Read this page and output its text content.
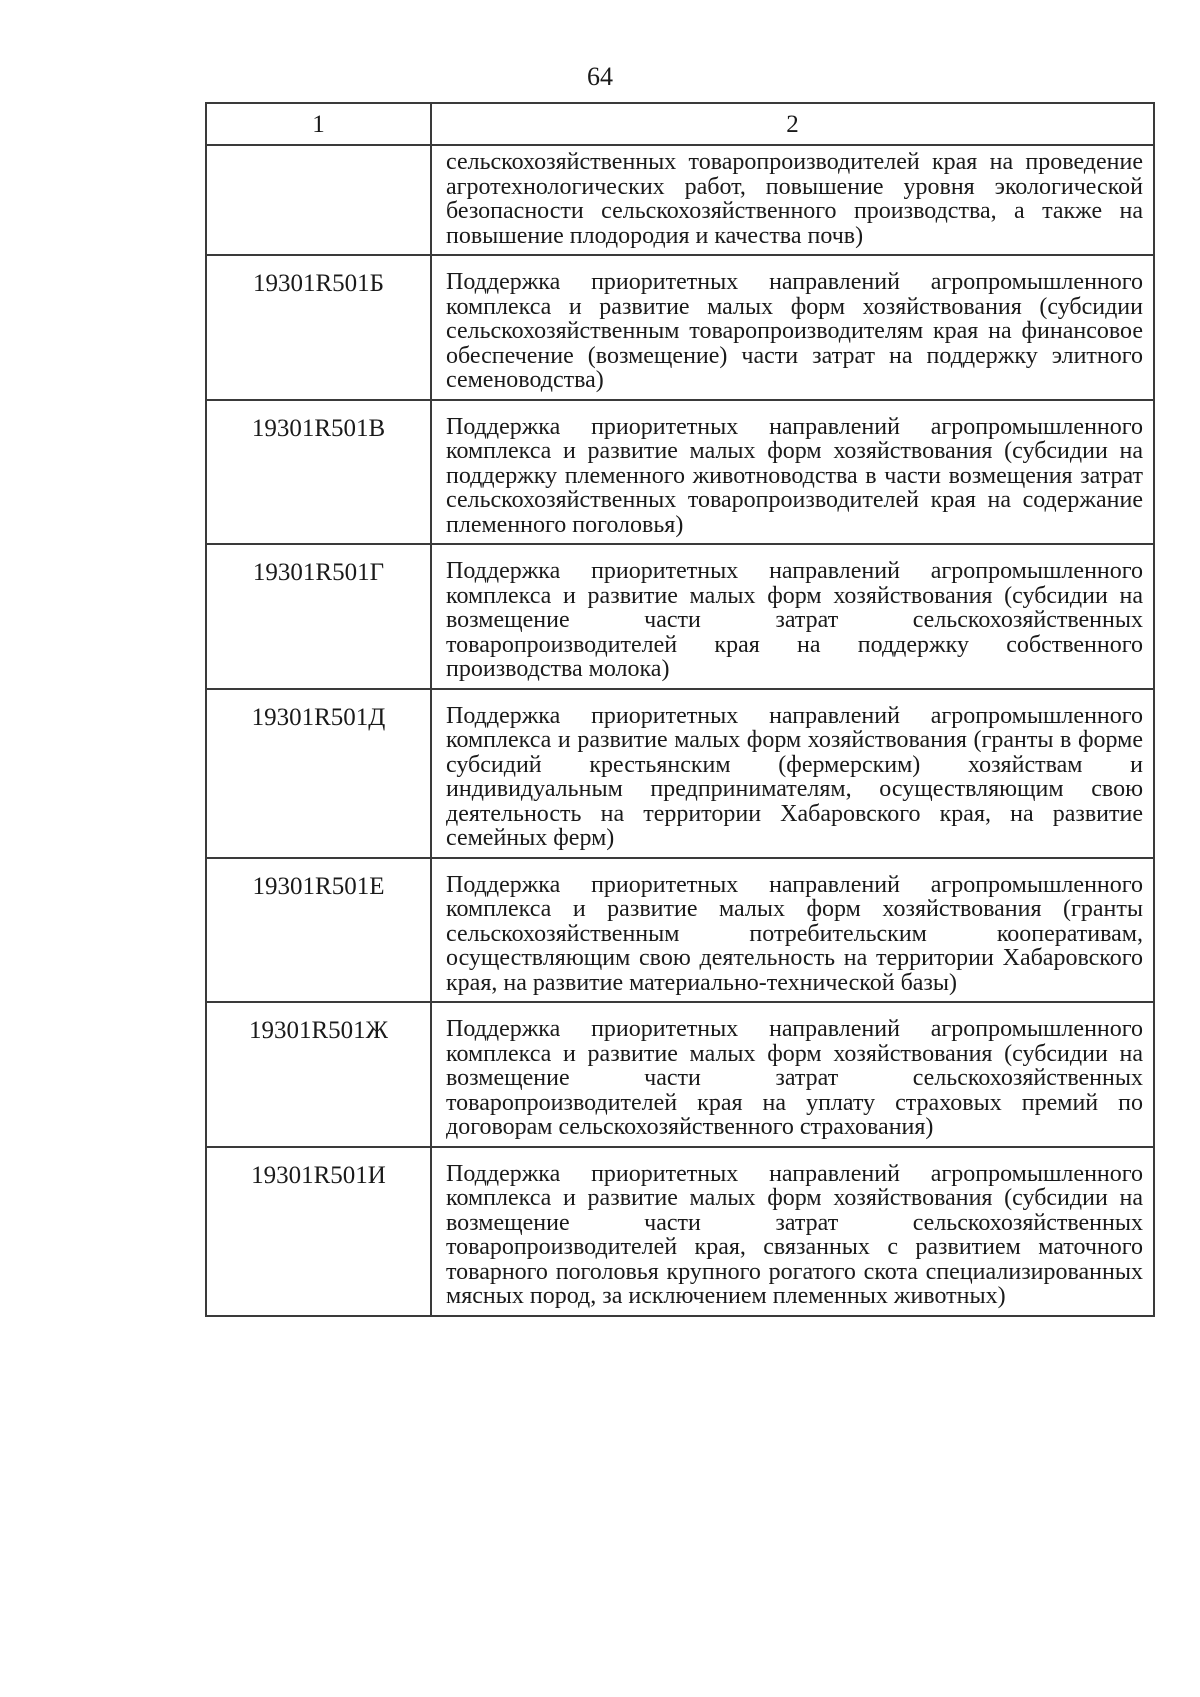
64
1	2

	сельскохозяйственных товаропроизводителей края на проведение агротехнологических работ, повышение уровня экологической безопасности сельскохозяйственного производства, а также на повышение плодородия и качества почв)

19301R501Б	Поддержка приоритетных направлений агропромышленного комплекса и развитие малых форм хозяйствования (субсидии сельскохозяйственным товаропроизводителям края на финансовое обеспечение (возмещение) части затрат на поддержку элитного семеноводства)

19301R501В	Поддержка приоритетных направлений агропромышленного комплекса и развитие малых форм хозяйствования (субсидии на поддержку племенного животноводства в части возмещения затрат сельскохозяйственных товаропроизводителей края на содержание племенного поголовья)

19301R501Г	Поддержка приоритетных направлений агропромышленного комплекса и развитие малых форм хозяйствования (субсидии на возмещение части затрат сельскохозяйственных товаропроизводителей края на поддержку собственного производства молока)

19301R501Д	Поддержка приоритетных направлений агропромышленного комплекса и развитие малых форм хозяйствования (гранты в форме субсидий крестьянским (фермерским) хозяйствам и индивидуальным предпринимателям, осуществляющим свою деятельность на территории Хабаровского края, на развитие семейных ферм)

19301R501Е	Поддержка приоритетных направлений агропромышленного комплекса и развитие малых форм хозяйствования (гранты сельскохозяйственным потребительским кооперативам, осуществляющим свою деятельность на территории Хабаровского края, на развитие материально-технической базы)

19301R501Ж	Поддержка приоритетных направлений агропромышленного комплекса и развитие малых форм хозяйствования (субсидии на возмещение части затрат сельскохозяйственных товаропроизводителей края на уплату страховых премий по договорам сельскохозяйственного страхования)

19301R501И	Поддержка приоритетных направлений агропромышленного комплекса и развитие малых форм хозяйствования (субсидии на возмещение части затрат сельскохозяйственных товаропроизводителей края, связанных с развитием маточного товарного поголовья крупного рогатого скота специализированных мясных пород, за исключением племенных животных)
